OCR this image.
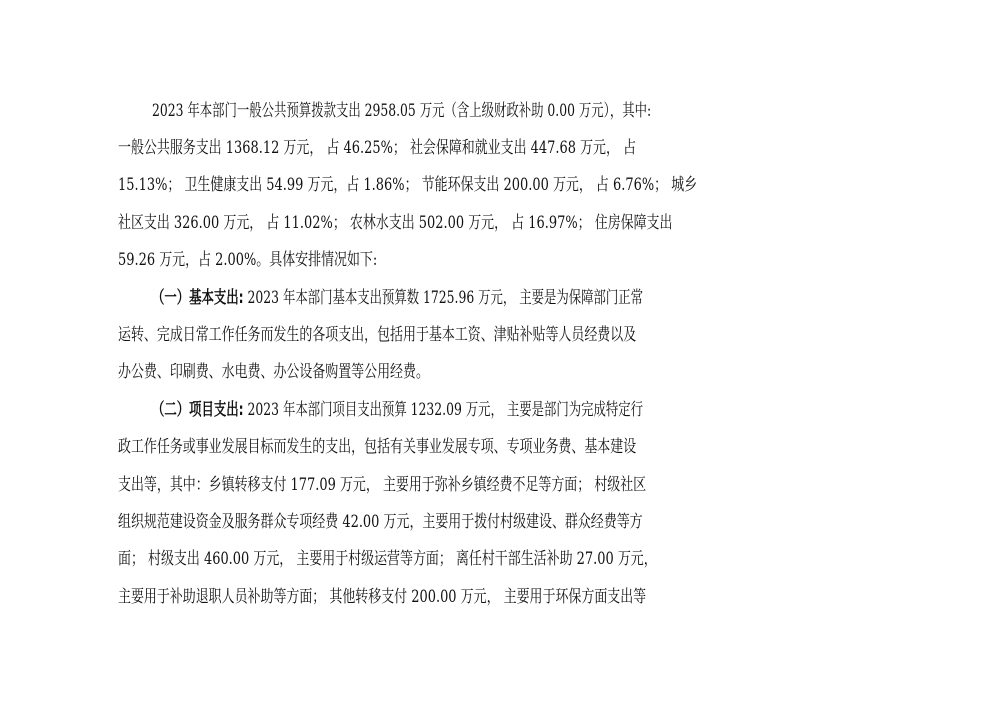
2023 年本部门一般公共预算拨款支出 2958.05 万元（含上级财政补助 0.00 万元），其中:
一般公共服务支出 1368.12 万元， 占 46.25%； 社会保障和就业支出 447.68 万元， 占
15.13%； 卫生健康支出 54.99 万元，占 1.86%； 节能环保支出 200.00 万元， 占 6.76%； 城乡
社区支出 326.00 万元， 占 11.02%； 农林水支出 502.00 万元， 占 16.97%； 住房保障支出
59.26 万元，占 2.00%。具体安排情况如下:
（一）基本支出: 2023 年本部门基本支出预算数 1725.96 万元， 主要是为保障部门正常
运转、完成日常工作任务而发生的各项支出，包括用于基本工资、津贴补贴等人员经费以及
办公费、印刷费、水电费、办公设备购置等公用经费。
（二）项目支出: 2023 年本部门项目支出预算 1232.09 万元， 主要是部门为完成特定行
政工作任务或事业发展目标而发生的支出，包括有关事业发展专项、专项业务费、基本建设
支出等，其中：乡镇转移支付 177.09 万元， 主要用于弥补乡镇经费不足等方面； 村级社区
组织规范建设资金及服务群众专项经费 42.00 万元，主要用于拨付村级建设、群众经费等方
面； 村级支出 460.00 万元， 主要用于村级运营等方面； 离任村干部生活补助 27.00 万元，
主要用于补助退职人员补助等方面； 其他转移支付 200.00 万元， 主要用于环保方面支出等
